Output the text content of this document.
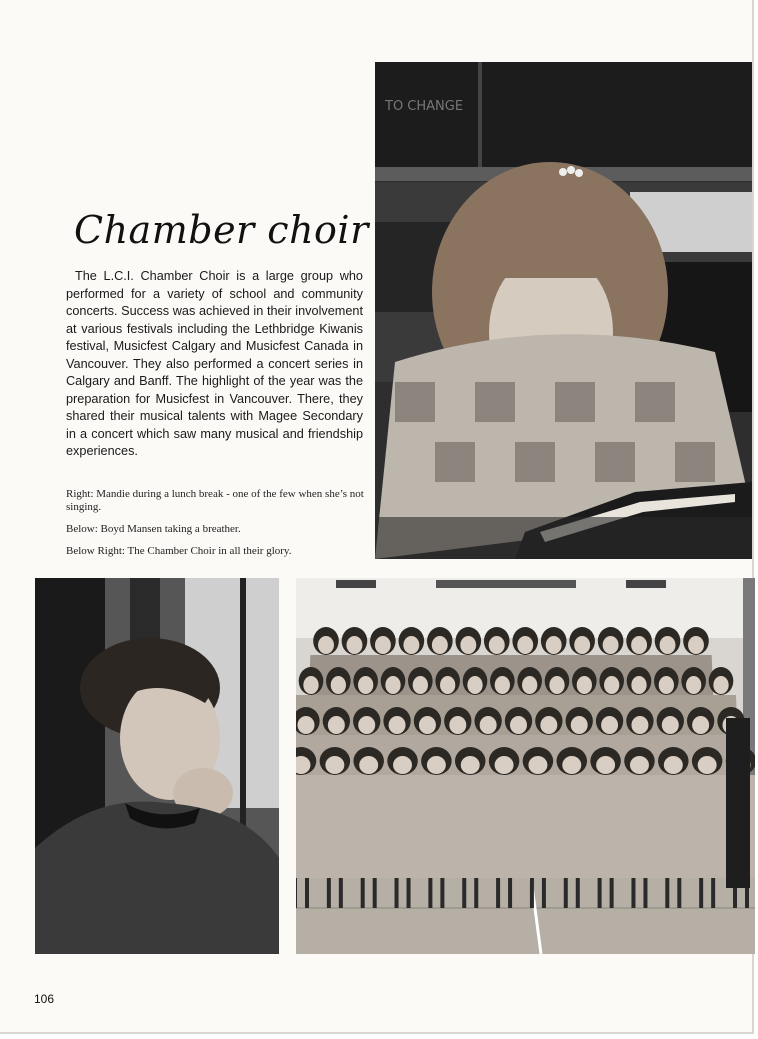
TO CHANGE
Chamber choir

The L.C.I. Chamber Choir is a large group who performed for a variety of school and community concerts. Success was achieved in their involvement at various festivals including the Lethbridge Kiwanis festival, Musicfest Calgary and Musicfest Canada in Vancouver. They also performed a concert series in Calgary and Banff. The highlight of the year was the preparation for Musicfest in Vancouver. There, they shared their musical talents with Magee Secondary in a concert which saw many musical and friendship experiences.

Right: Mandie during a lunch break - one of the few when she’s not singing.
Below: Boyd Mansen taking a breather.
Below Right: The Chamber Choir in all their glory.
106
